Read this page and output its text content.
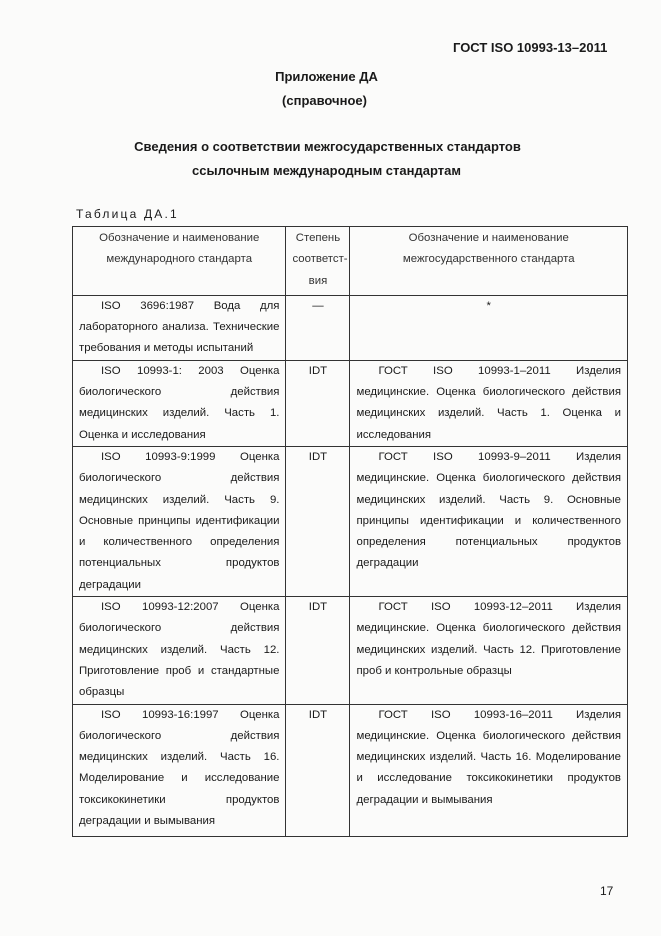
ГОСТ ISO 10993-13–2011
Приложение ДА
(справочное)
Сведения о соответствии межгосударственных стандартов
ссылочным международным стандартам
Таблица ДА.1
Обозначение и наименование международного стандарта	Степень соответст-вия	Обозначение и наименование межгосударственного стандарта
ISO 3696:1987 Вода для лабораторного анализа. Технические требования и методы испытаний	—	*
ISO 10993-1: 2003 Оценка биологического действия медицинских изделий. Часть 1. Оценка и исследования	IDT	ГОСТ ISO 10993-1–2011 Изделия медицинские. Оценка биологического действия медицинских изделий. Часть 1. Оценка и исследования
ISO 10993-9:1999 Оценка биологического действия медицинских изделий. Часть 9. Основные принципы идентификации и количественного определения потенциальных продуктов деградации	IDT	ГОСТ ISO 10993-9–2011 Изделия медицинские. Оценка биологического действия медицинских изделий. Часть 9. Основные принципы идентификации и количественного определения потенциальных продуктов деградации
ISO 10993-12:2007 Оценка биологического действия медицинских изделий. Часть 12. Приготовление проб и стандартные образцы	IDT	ГОСТ ISO 10993-12–2011 Изделия медицинские. Оценка биологического действия медицинских изделий. Часть 12. Приготовление проб и контрольные образцы
ISO 10993-16:1997 Оценка биологического действия медицинских изделий. Часть 16. Моделирование и исследование токсикокинетики продуктов деградации и вымывания	IDT	ГОСТ ISO 10993-16–2011 Изделия медицинские. Оценка биологического действия медицинских изделий. Часть 16. Моделирование и исследование токсикокинетики продуктов деградации и вымывания
17
